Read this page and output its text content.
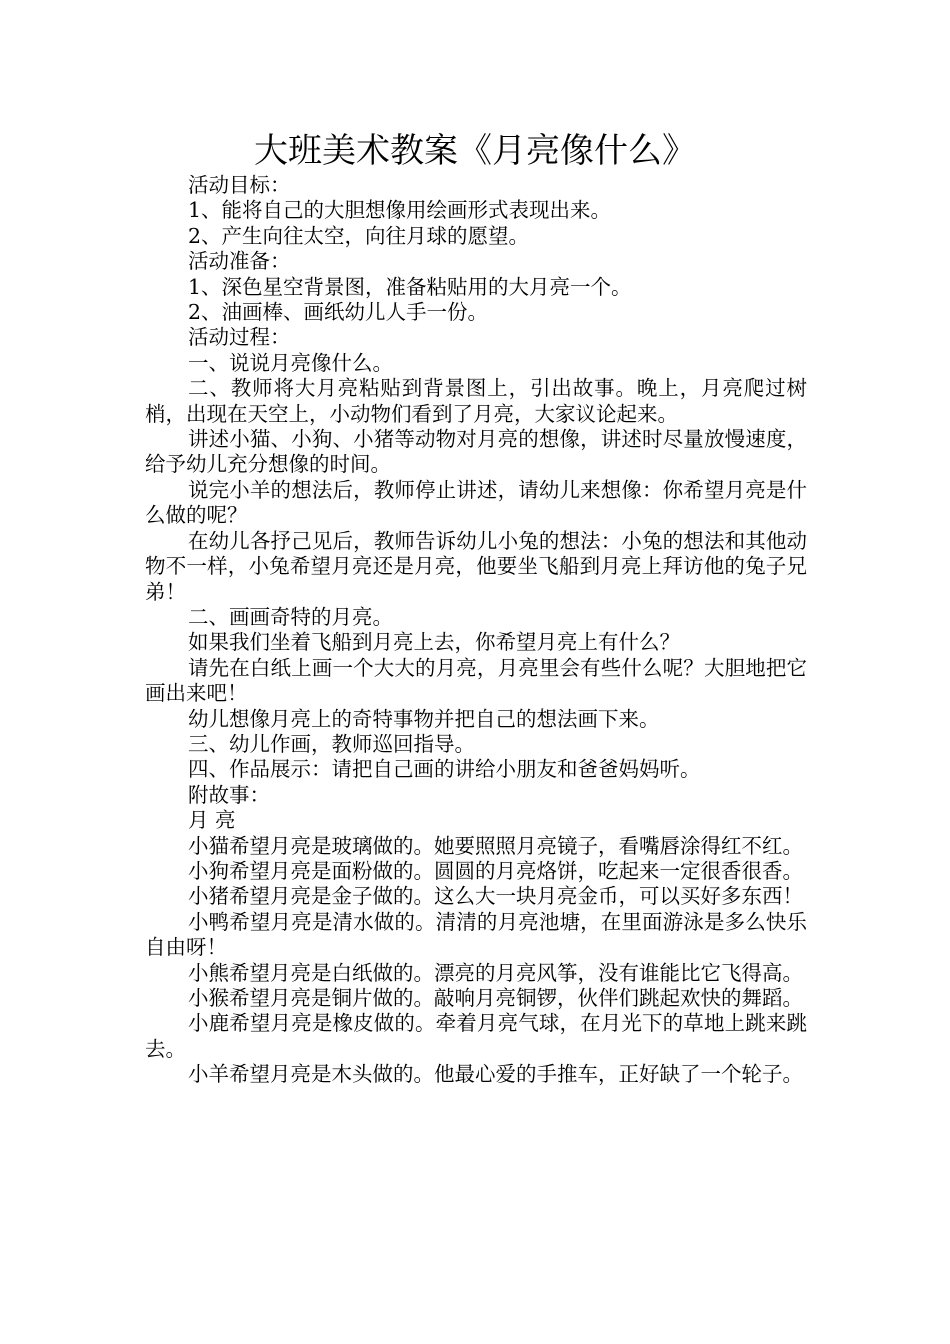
大班美术教案《月亮像什么》

活动目标：

1、能将自己的大胆想像用绘画形式表现出来。

2、产生向往太空，向往月球的愿望。

活动准备：

1、深色星空背景图，准备粘贴用的大月亮一个。

2、油画棒、画纸幼儿人手一份。

活动过程：

一、说说月亮像什么。

二、教师将大月亮粘贴到背景图上，引出故事。晚上，月亮爬过树梢，出现在天空上，小动物们看到了月亮，大家议论起来。

讲述小猫、小狗、小猪等动物对月亮的想像，讲述时尽量放慢速度，给予幼儿充分想像的时间。

说完小羊的想法后，教师停止讲述，请幼儿来想像：你希望月亮是什么做的呢？

在幼儿各抒己见后，教师告诉幼儿小兔的想法：小兔的想法和其他动物不一样，小兔希望月亮还是月亮，他要坐飞船到月亮上拜访他的兔子兄弟！

二、画画奇特的月亮。

如果我们坐着飞船到月亮上去，你希望月亮上有什么？

请先在白纸上画一个大大的月亮，月亮里会有些什么呢？大胆地把它画出来吧！

幼儿想像月亮上的奇特事物并把自己的想法画下来。

三、幼儿作画，教师巡回指导。

四、作品展示：请把自己画的讲给小朋友和爸爸妈妈听。

附故事：

月 亮

小猫希望月亮是玻璃做的。她要照照月亮镜子，看嘴唇涂得红不红。

小狗希望月亮是面粉做的。圆圆的月亮烙饼，吃起来一定很香很香。

小猪希望月亮是金子做的。这么大一块月亮金币，可以买好多东西！

小鸭希望月亮是清水做的。清清的月亮池塘，在里面游泳是多么快乐自由呀！

小熊希望月亮是白纸做的。漂亮的月亮风筝，没有谁能比它飞得高。

小猴希望月亮是铜片做的。敲响月亮铜锣，伙伴们跳起欢快的舞蹈。

小鹿希望月亮是橡皮做的。牵着月亮气球，在月光下的草地上跳来跳去。

小羊希望月亮是木头做的。他最心爱的手推车，正好缺了一个轮子。
